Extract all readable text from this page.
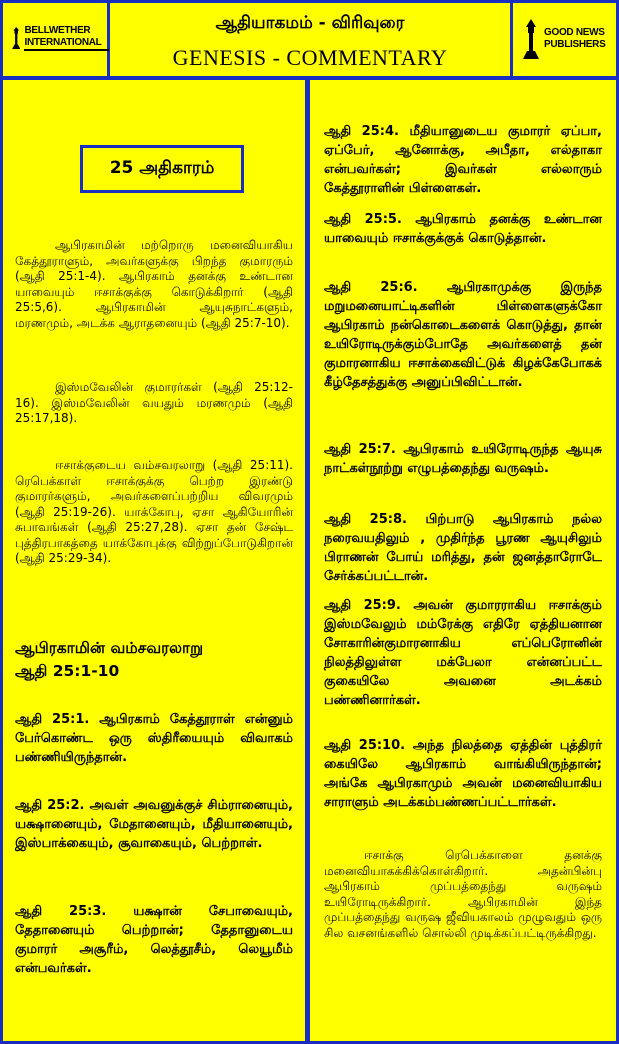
BELLWETHER INTERNATIONAL
ஆதியாகமம் - விரிவுரை
GENESIS - COMMENTARY
GOOD NEWS PUBLISHERS
25 அதிகாரம்
ஆபிரகாமின் மற்றொரு மனைவியாகிய கேத்தூராளும், அவர்களுக்கு பிறந்த குமாரரும் (ஆதி 25:1-4). ஆபிரகாம் தனக்கு உண்டான யாவையும் ஈசாக்குக்கு கொடுக்கிறார் (ஆதி 25:5,6). ஆபிரகாமின் ஆயுசுநாட்களும், மரணமும், அடக்க ஆராதனையும் (ஆதி 25:7-10).
இஸ்மவேலின் குமாரர்கள் (ஆதி 25:12-16). இஸ்மவேலின் வயதும் மரணமும் (ஆதி 25:17,18).
ஈசாக்குடைய வம்சவரலாறு (ஆதி 25:11). ரெபெக்காள் ஈசாக்குக்கு பெற்ற இரண்டு குமாரர்களும், அவர்களைப்பற்றிய விவரமும் (ஆதி 25:19-26). யாக்கோபு, ஏசா ஆகியோரின் சுபாவங்கள் (ஆதி 25:27,28). ஏசா தன் சேஷ்ட புத்திரபாகத்தை யாக்கோபுக்கு விற்றுப்போடுகிறான் (ஆதி 25:29-34).
ஆபிரகாமின் வம்சவரலாறு
ஆதி 25:1-10
ஆதி 25:1. ஆபிரகாம் கேத்தூராள் என்னும் பேர்கொண்ட ஒரு ஸ்திரீயையும் விவாகம் பண்ணியிருந்தான்.
ஆதி 25:2. அவள் அவனுக்குச் சிம்ரானையும், யக்ஷானையும், மேதானையும், மீதியானையும், இஸ்பாக்கையும், சூவாகையும், பெற்றாள்.
ஆதி 25:3. யக்ஷான் சேபாவையும், தேதானையும் பெற்றான்; தேதானுடைய குமாரர் அசூரீம், லெத்தூசீம், லெயூமீம் என்பவர்கள்.
ஆதி 25:4. மீதியானுடைய குமாரர் ஏப்பா, ஏப்பேர், ஆனோக்கு, அபீதா, எல்தாகா என்பவர்கள்; இவர்கள் எல்லாரும் கேத்தூராளின் பிள்ளைகள்.
ஆதி 25:5. ஆபிரகாம் தனக்கு உண்டான யாவையும் ஈசாக்குக்குக் கொடுத்தான்.
ஆதி 25:6. ஆபிரகாமுக்கு இருந்த மறுமனையாட்டிகளின் பிள்ளைகளுக்கோ ஆபிரகாம் நன்கொடைகளைக் கொடுத்து, தான் உயிரோடிருக்கும்போதே அவர்களைத் தன் குமாரனாகிய ஈசாக்கைவிட்டுக் கிழக்கேபோகக் கீழ்தேசத்துக்கு அனுப்பிவிட்டான்.
ஆதி 25:7. ஆபிரகாம் உயிரோடிருந்த ஆயுசு நாட்கள்நூற்று எழுபத்தைந்து வருஷம்.
ஆதி 25:8. பிற்பாடு ஆபிரகாம் நல்ல நரைவயதிலும் , முதிர்ந்த பூரண ஆயுசிலும் பிராணன் போய் மரித்து, தன் ஜனத்தாரோடே சேர்க்கப்பட்டான்.
ஆதி 25:9. அவன் குமாரராகிய ஈசாக்கும் இஸ்மவேலும் மம்ரேக்கு எதிரே ஏத்தியனான சோகாரின்குமாரனாகிய எப்பெரோனின் நிலத்திலுள்ள மக்பேலா என்னப்பட்ட குகையிலே அவனை அடக்கம் பண்ணினார்கள்.
ஆதி 25:10. அந்த நிலத்தை ஏத்தின் புத்திரர் கையிலே ஆபிரகாம் வாங்கியிருந்தான்; அங்கே ஆபிரகாமும் அவன் மனைவியாகிய சாராளும் அடக்கம்பண்ணப்பட்டார்கள்.
ஈசாக்கு ரெபெக்காளை தனக்கு மனைவியாகக்கிக்கொள்கிறார். அதன்பின்பு ஆபிரகாம் முப்பத்தைந்து வருஷம் உயிரோடிருக்கிறார். ஆபிரகாமின் இந்த முப்பத்தைந்து வருஷ ஜீவியகாலம் முழுவதும் ஒரு சில வசனங்களில் சொல்லி முடிக்கப்பட்டிருக்கிறது.
